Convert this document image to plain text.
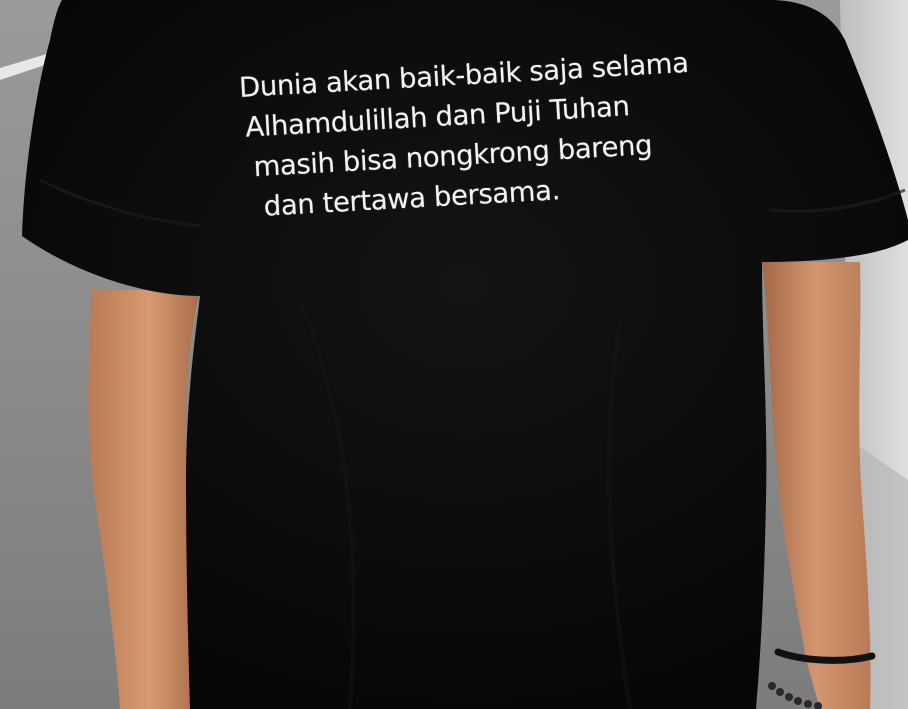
Dunia akan baik-baik saja selama
Alhamdulillah dan Puji Tuhan
masih bisa nongkrong bareng
dan tertawa bersama.
